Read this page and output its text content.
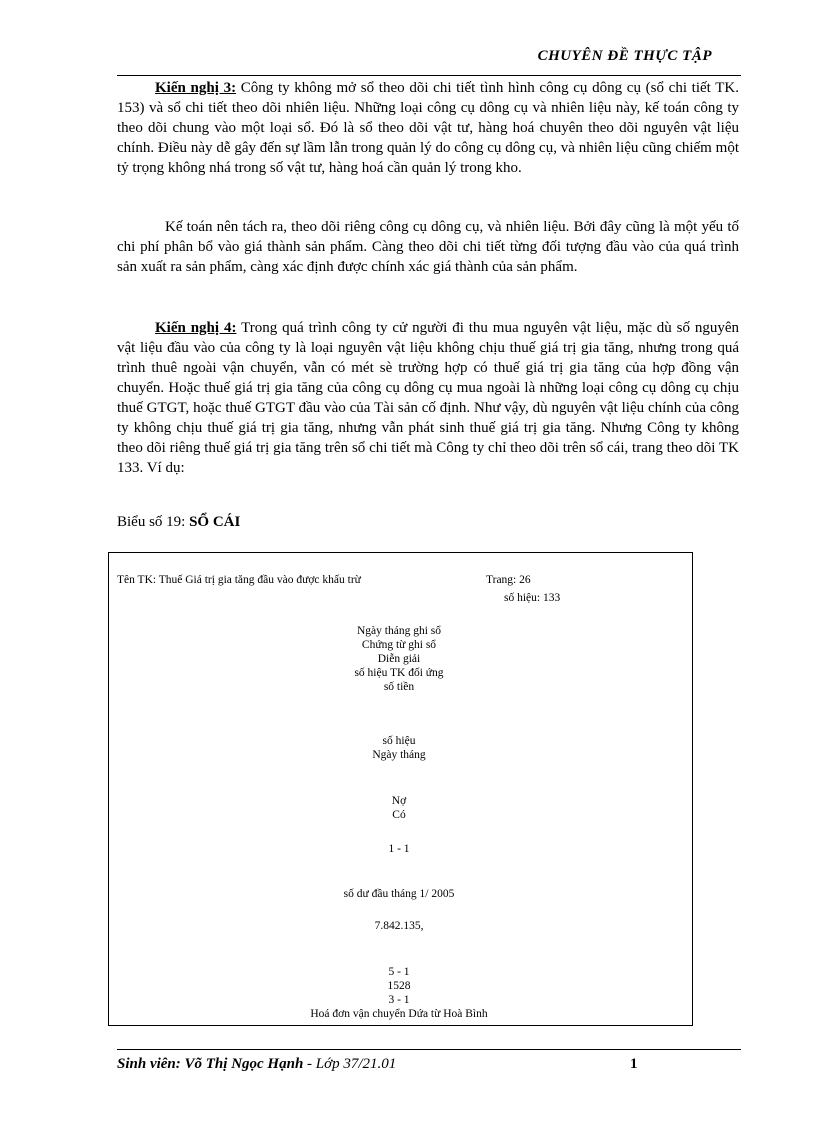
CHUYÊN ĐỀ THỰC TẬP
Kiến nghị 3: Công ty không mở sổ theo dõi chi tiết tình hình công cụ dông cụ (sổ chi tiết TK. 153) và sổ chi tiết theo dõi nhiên liệu. Những loại công cụ dông cụ và nhiên liệu này, kế toán công ty theo dõi chung vào một loại sổ. Đó là sổ theo dõi vật tư, hàng hoá chuyên theo dõi nguyên vật liệu chính. Điều này dễ gây đến sự lầm lẫn trong quản lý do công cụ dông cụ, và nhiên liệu cũng chiếm một tỷ trọng không nhá trong số vật tư, hàng hoá cần quản lý trong kho.
Kế toán nên tách ra, theo dõi riêng công cụ dông cụ, và nhiên liệu. Bởi đây cũng là một yếu tố chi phí phân bổ vào giá thành sản phẩm. Càng theo dõi chi tiết từng đối tượng đầu vào của quá trình sản xuất ra sản phẩm, càng xác định được chính xác giá thành của sản phẩm.
Kiến nghị 4: Trong quá trình công ty cử người đi thu mua nguyên vật liệu, mặc dù số nguyên vật liệu đầu vào của công ty là loại nguyên vật liệu không chịu thuế giá trị gia tăng, nhưng trong quá trình thuê ngoài vận chuyển, vẫn có mét sè trường hợp có thuế giá trị gia tăng của hợp đồng vận chuyển. Hoặc thuế giá trị gia tăng của công cụ dông cụ mua ngoài là những loại công cụ dông cụ chịu thuế GTGT, hoặc thuế GTGT đầu vào của Tài sản cố định. Như vậy, dù nguyên vật liệu chính của công ty không chịu thuế giá trị gia tăng, nhưng vẫn phát sinh thuế giá trị gia tăng. Nhưng Công ty không theo dõi riêng thuế giá trị gia tăng trên sổ chi tiết mà Công ty chỉ theo dõi trên sổ cái, trang theo dõi TK 133. Ví dụ:
Biểu số 19: SỔ CÁI
Tên TK: Thuế Giá trị gia tăng đầu vào được khấu trừ	Trang: 26
số hiệu: 133
Ngày tháng ghi sổ
Chứng từ ghi sổ
Diễn giải
số hiệu TK đối ứng
số tiền
số hiệu
Ngày tháng
Nợ
Có
1 - 1
số dư đầu tháng 1/ 2005
7.842.135,
5 - 1
1528
3 - 1
Hoá đơn vận chuyển Dứa từ Hoà Bình
Sinh viên: Võ Thị Ngọc Hạnh - Lớp 37/21.01	1
